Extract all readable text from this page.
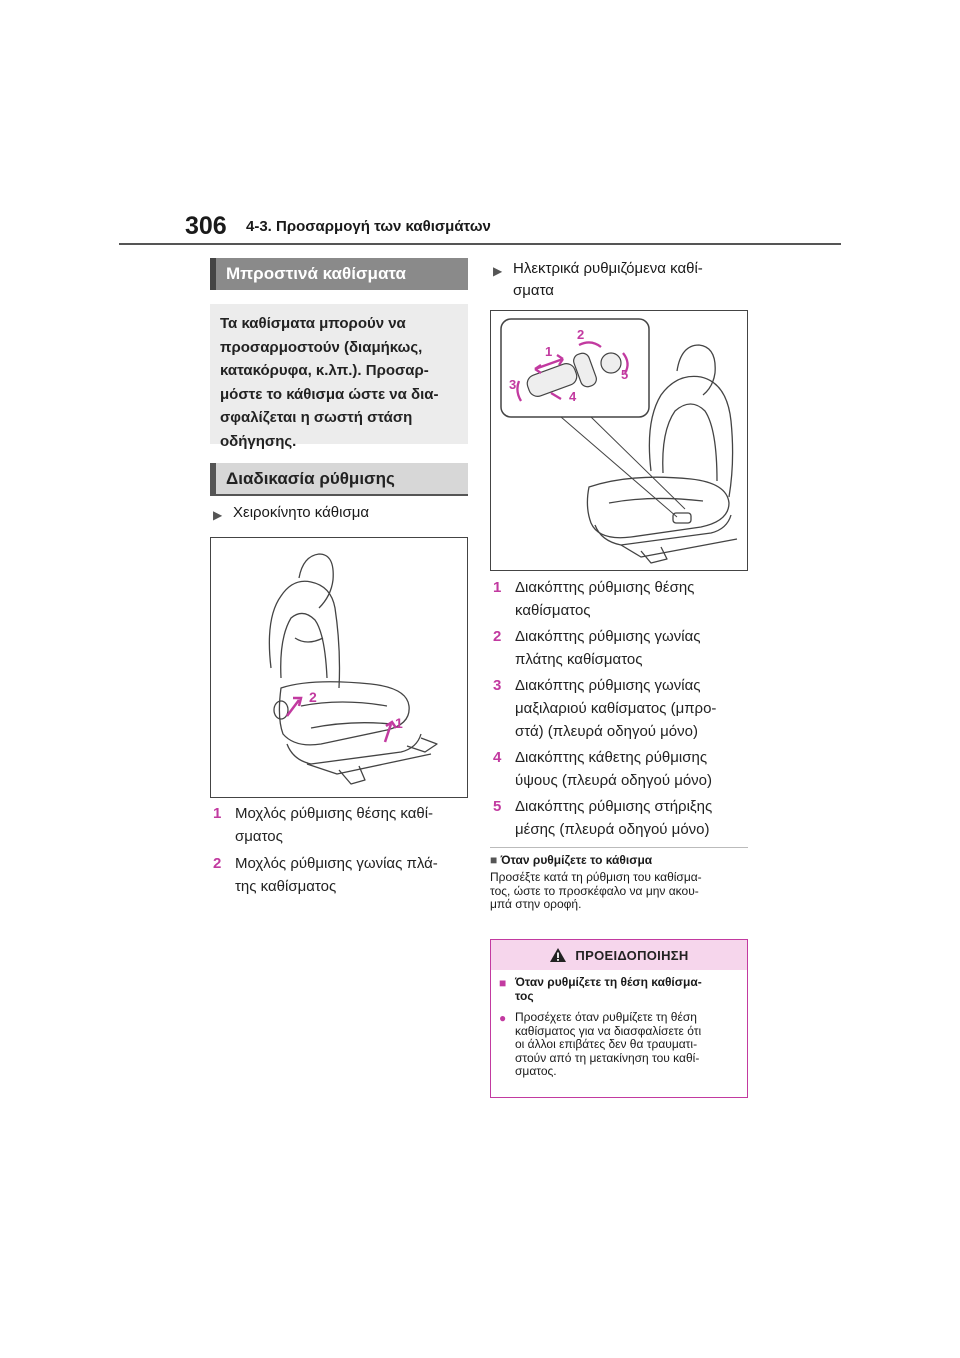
306 4-3. Προσαρμογή των καθισμάτων
Μπροστινά καθίσματα
Τα καθίσματα μπορούν να
προσαρμοστούν (διαμήκως,
κατακόρυφα, κ.λπ.). Προσαρ-
μόστε το κάθισμα ώστε να δια-
σφαλίζεται η σωστή στάση
οδήγησης.
Διαδικασία ρύθμισης
▶ Χειροκίνητο κάθισμα
2
1
1 Μοχλός ρύθμισης θέσης καθί-
σματος
2 Μοχλός ρύθμισης γωνίας πλά-
της καθίσματος
▶ Ηλεκτρικά ρυθμιζόμενα καθί-
σματα
1
2
3
4
5
1 Διακόπτης ρύθμισης θέσης
καθίσματος
2 Διακόπτης ρύθμισης γωνίας
πλάτης καθίσματος
3 Διακόπτης ρύθμισης γωνίας
μαξιλαριού καθίσματος (μπρο-
στά) (πλευρά οδηγού μόνο)
4 Διακόπτης κάθετης ρύθμισης
ύψους (πλευρά οδηγού μόνο)
5 Διακόπτης ρύθμισης στήριξης
μέσης (πλευρά οδηγού μόνο)
■ Όταν ρυθμίζετε το κάθισμα
Προσέξτε κατά τη ρύθμιση του καθίσμα-
τος, ώστε το προσκέφαλο να μην ακου-
μπά στην οροφή.
ΠΡΟΕΙΔΟΠΟΙΗΣΗ
■ Όταν ρυθμίζετε τη θέση καθίσμα-
τος
● Προσέχετε όταν ρυθμίζετε τη θέση
καθίσματος για να διασφαλίσετε ότι
οι άλλοι επιβάτες δεν θα τραυματι-
στούν από τη μετακίνηση του καθί-
σματος.
